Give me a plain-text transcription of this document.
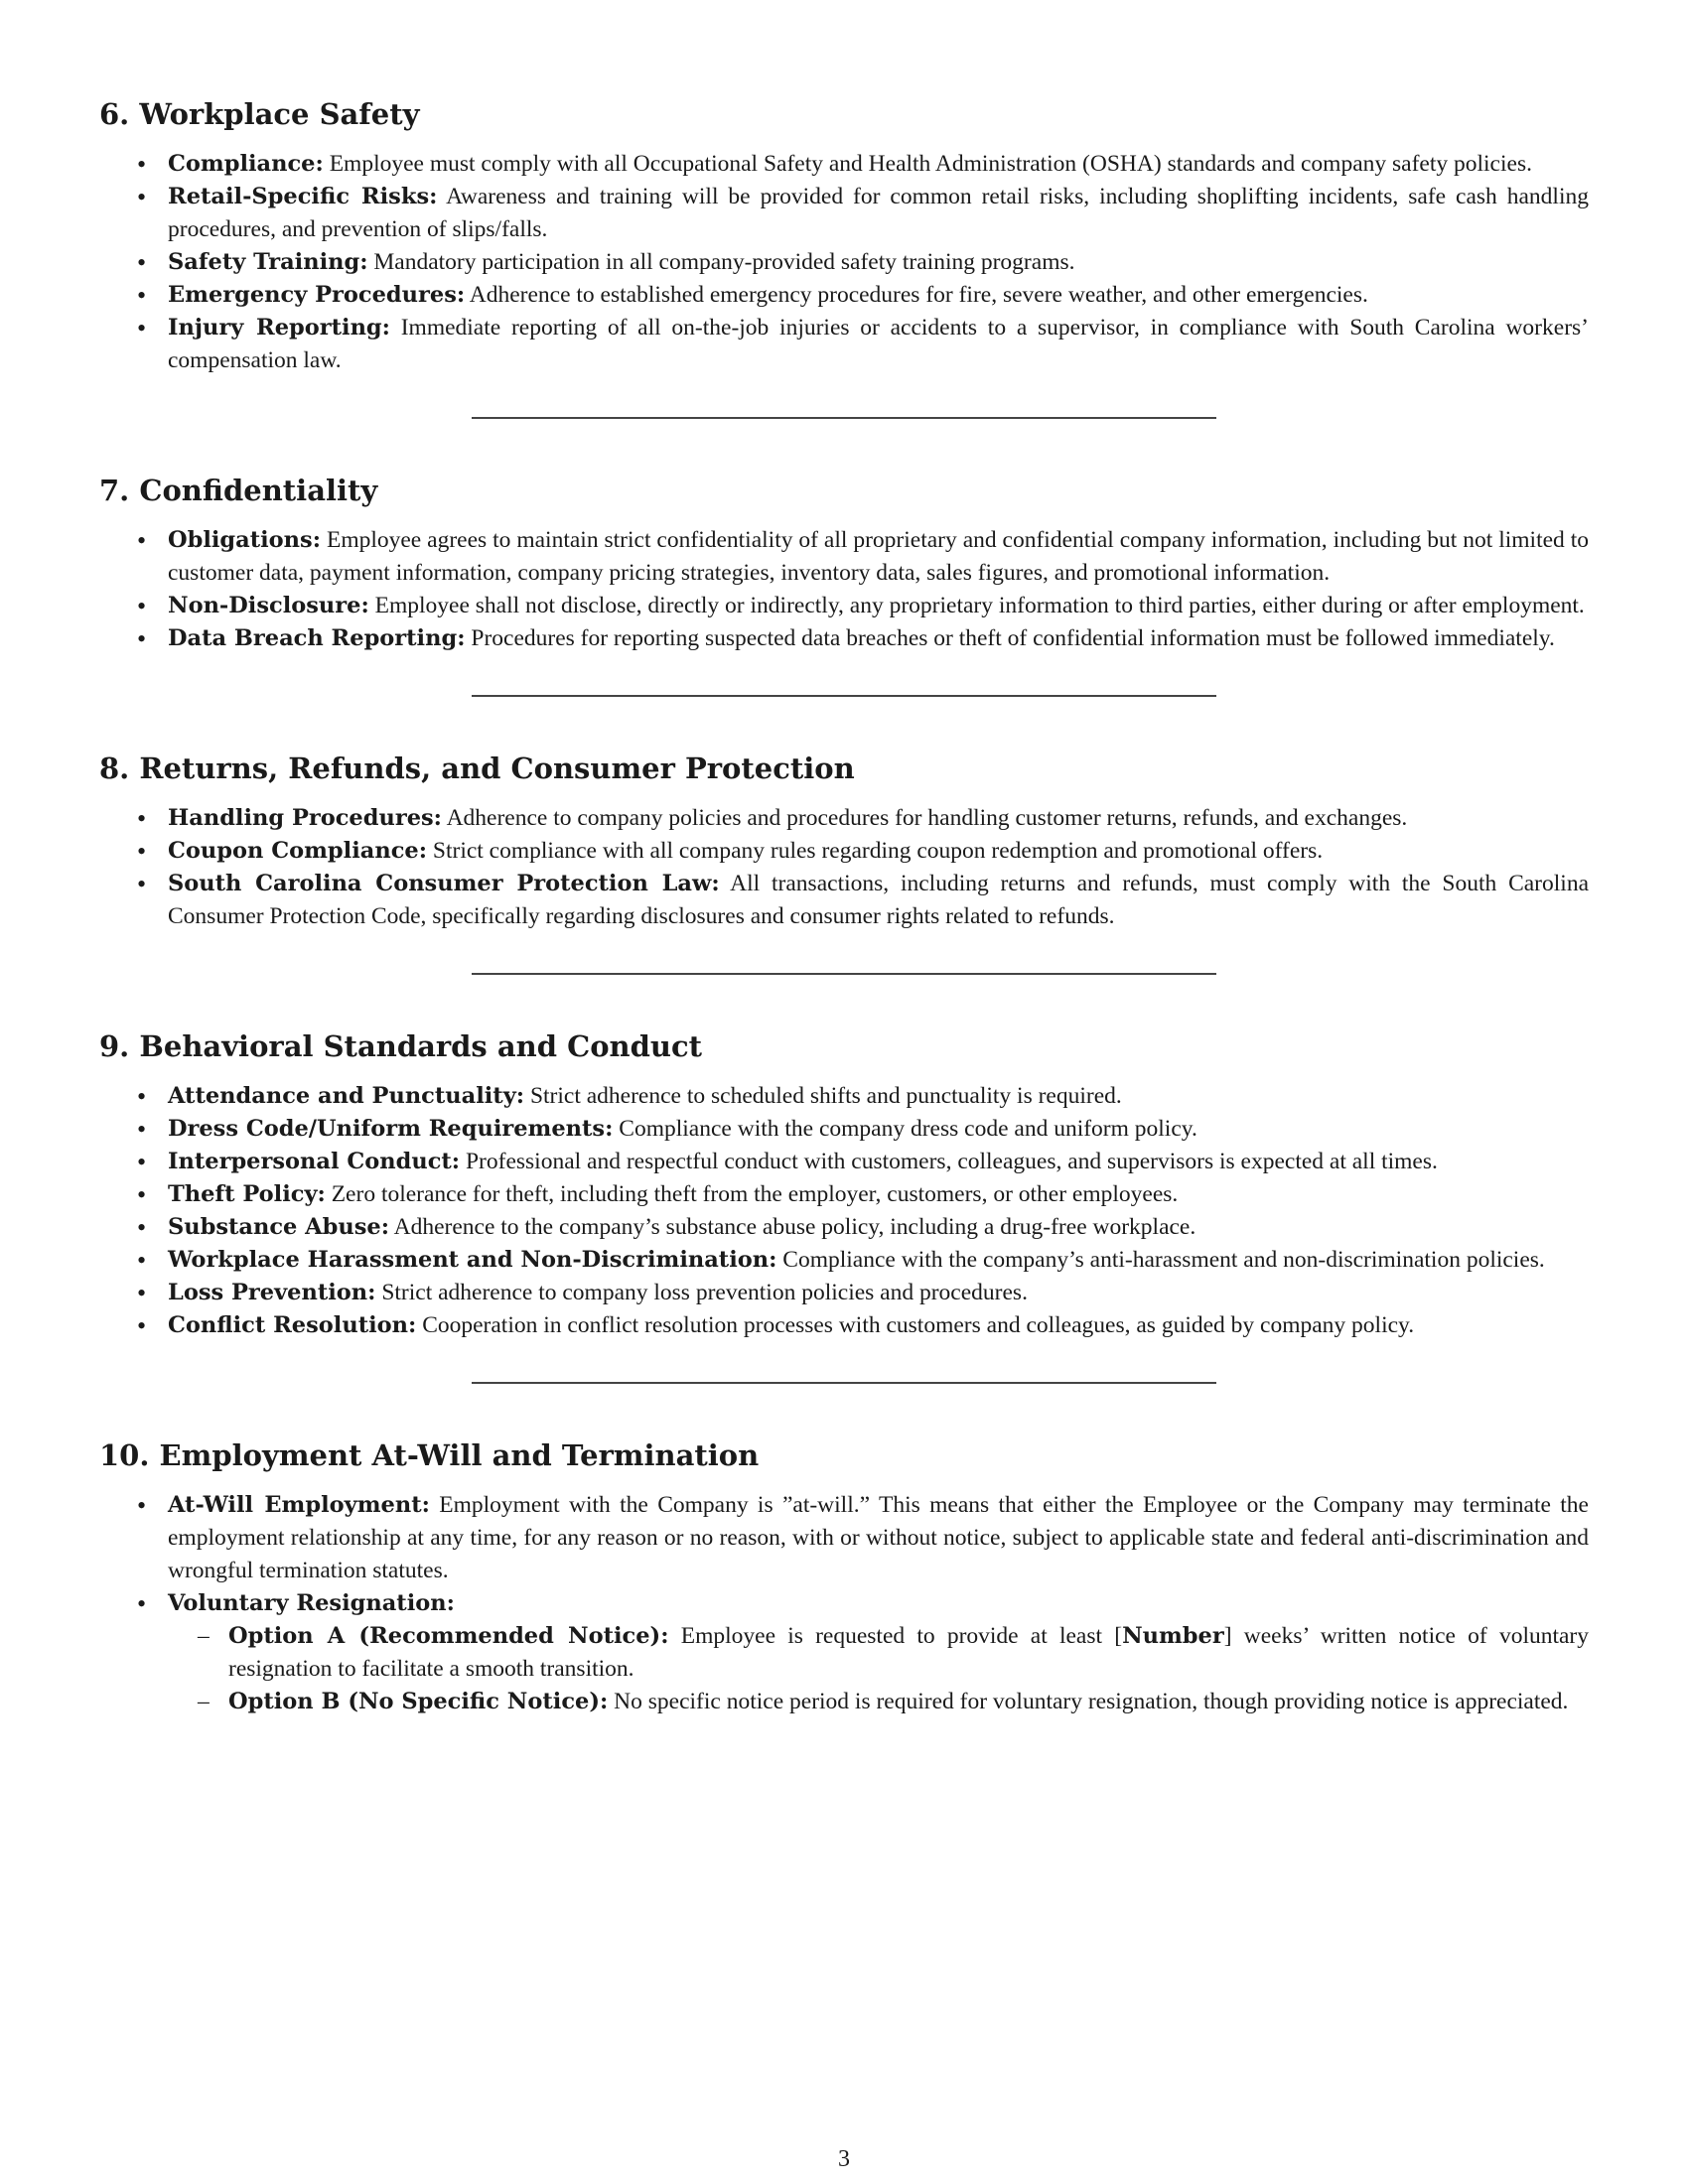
6. Workplace Safety
• Compliance: Employee must comply with all Occupational Safety and Health Administration (OSHA) standards and company safety policies.
• Retail-Specific Risks: Awareness and training will be provided for common retail risks, including shoplifting incidents, safe cash handling procedures, and prevention of slips/falls.
• Safety Training: Mandatory participation in all company-provided safety training programs.
• Emergency Procedures: Adherence to established emergency procedures for fire, severe weather, and other emergencies.
• Injury Reporting: Immediate reporting of all on-the-job injuries or accidents to a supervisor, in compliance with South Carolina workers’ compensation law.
7. Confidentiality
• Obligations: Employee agrees to maintain strict confidentiality of all proprietary and confidential company information, including but not limited to customer data, payment information, company pricing strategies, inventory data, sales figures, and promotional information.
• Non-Disclosure: Employee shall not disclose, directly or indirectly, any proprietary information to third parties, either during or after employment.
• Data Breach Reporting: Procedures for reporting suspected data breaches or theft of confidential information must be followed immediately.
8. Returns, Refunds, and Consumer Protection
• Handling Procedures: Adherence to company policies and procedures for handling customer returns, refunds, and exchanges.
• Coupon Compliance: Strict compliance with all company rules regarding coupon redemption and promotional offers.
• South Carolina Consumer Protection Law: All transactions, including returns and refunds, must comply with the South Carolina Consumer Protection Code, specifically regarding disclosures and consumer rights related to refunds.
9. Behavioral Standards and Conduct
• Attendance and Punctuality: Strict adherence to scheduled shifts and punctuality is required.
• Dress Code/Uniform Requirements: Compliance with the company dress code and uniform policy.
• Interpersonal Conduct: Professional and respectful conduct with customers, colleagues, and supervisors is expected at all times.
• Theft Policy: Zero tolerance for theft, including theft from the employer, customers, or other employees.
• Substance Abuse: Adherence to the company’s substance abuse policy, including a drug-free workplace.
• Workplace Harassment and Non-Discrimination: Compliance with the company’s anti-harassment and non-discrimination policies.
• Loss Prevention: Strict adherence to company loss prevention policies and procedures.
• Conflict Resolution: Cooperation in conflict resolution processes with customers and colleagues, as guided by company policy.
10. Employment At-Will and Termination
• At-Will Employment: Employment with the Company is ”at-will.” This means that either the Employee or the Company may terminate the employment relationship at any time, for any reason or no reason, with or without notice, subject to applicable state and federal anti-discrimination and wrongful termination statutes.
• Voluntary Resignation:
– Option A (Recommended Notice): Employee is requested to provide at least [Number] weeks’ written notice of voluntary resignation to facilitate a smooth transition.
– Option B (No Specific Notice): No specific notice period is required for voluntary resignation, though providing notice is appreciated.
3
